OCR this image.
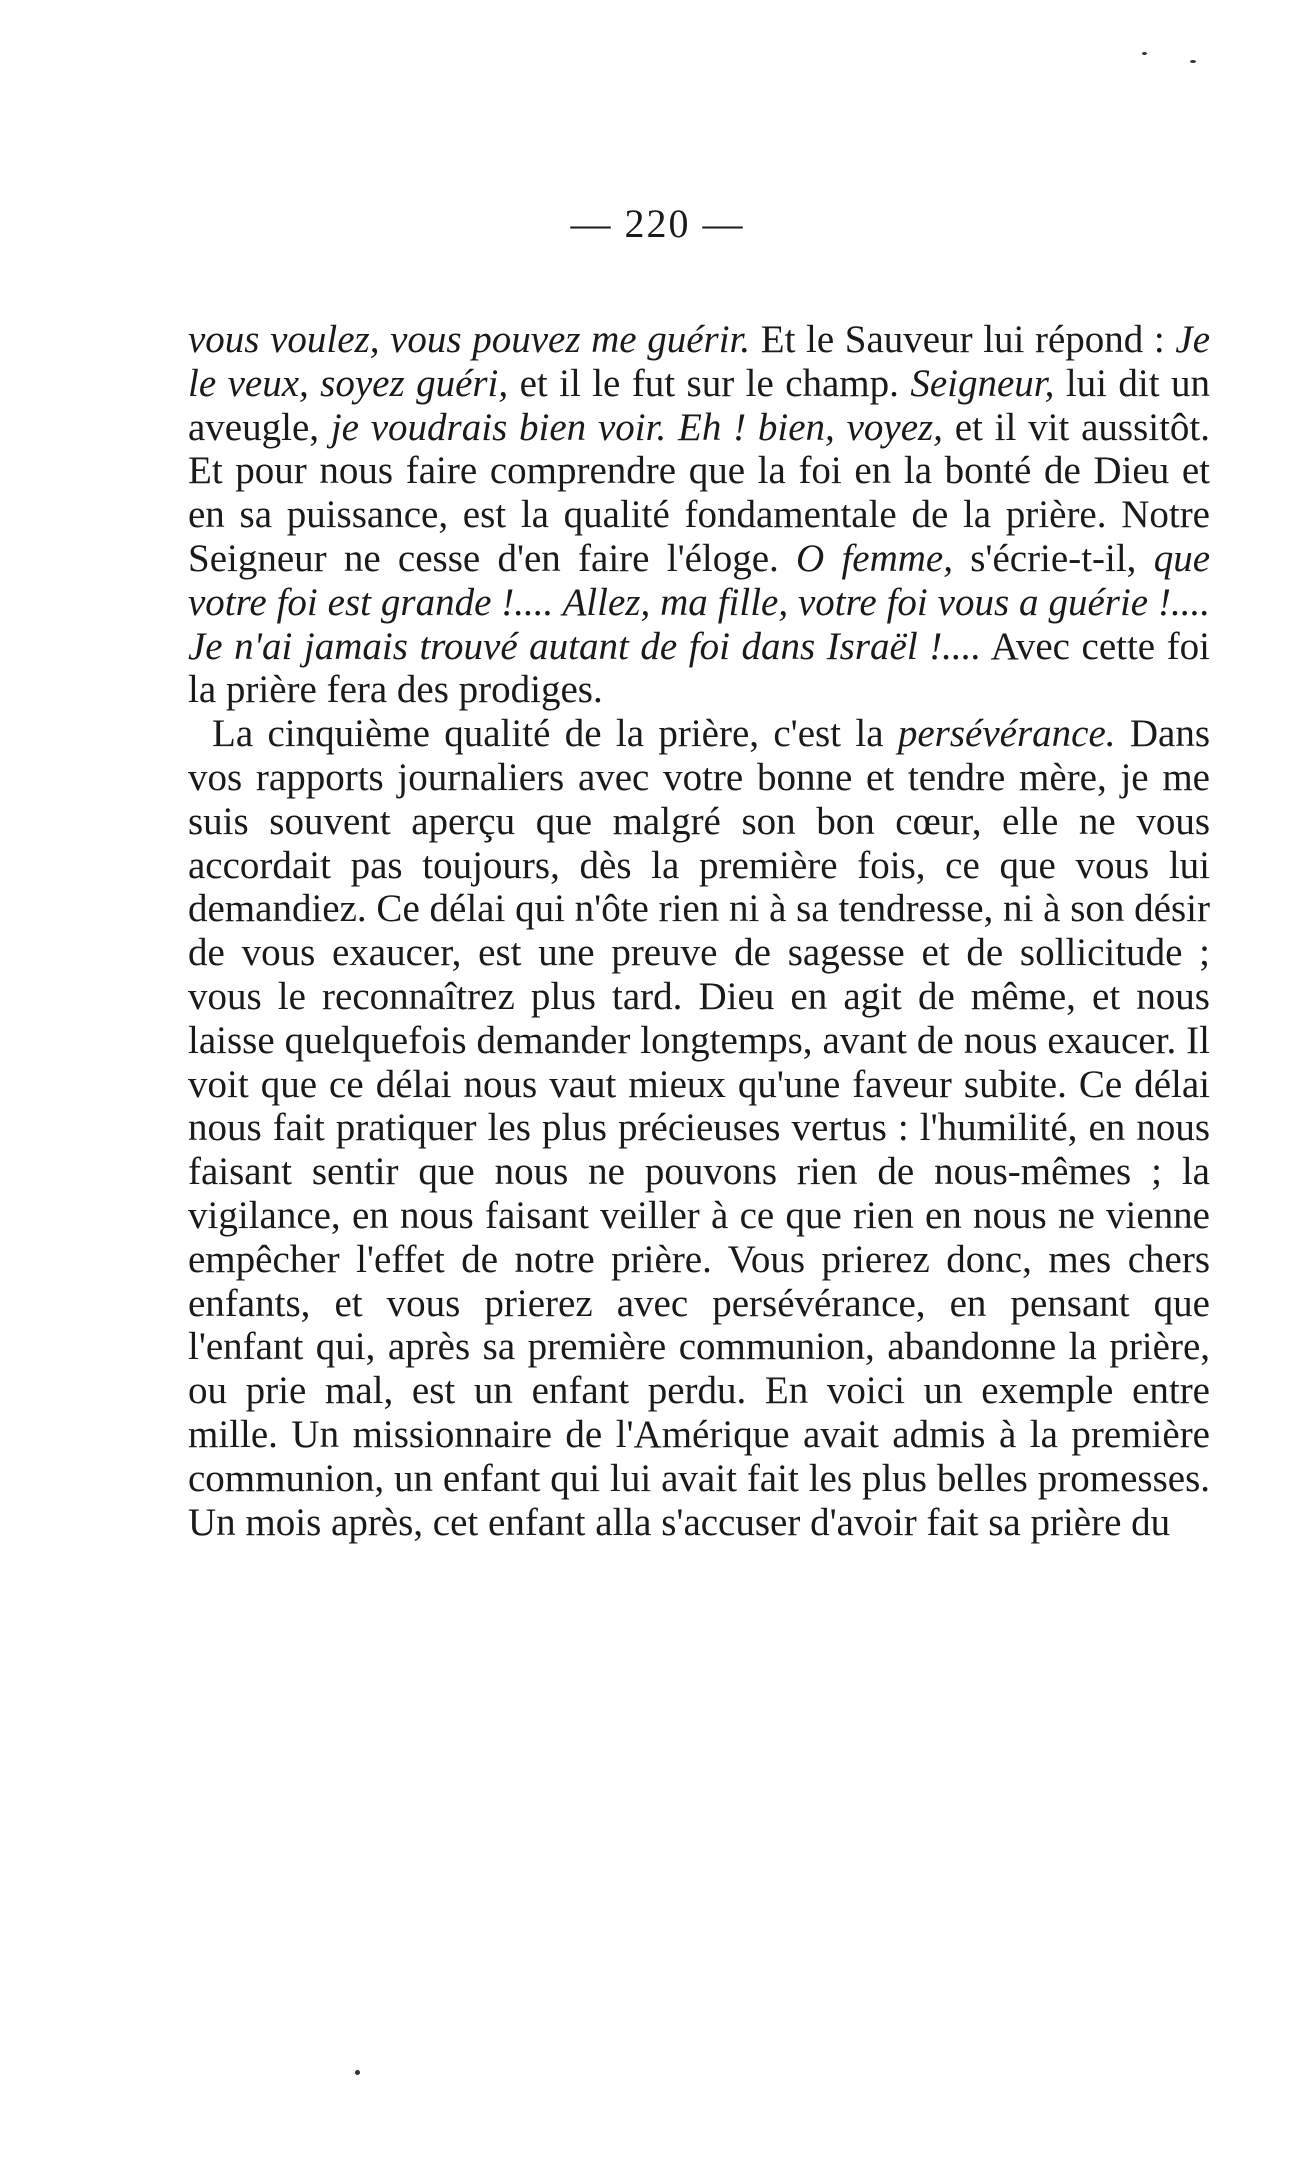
— 220 —

vous voulez, vous pouvez me guérir. Et le Sauveur lui répond : Je le veux, soyez guéri, et il le fut sur le champ. Seigneur, lui dit un aveugle, je voudrais bien voir. Eh ! bien, voyez, et il vit aussitôt. Et pour nous faire comprendre que la foi en la bonté de Dieu et en sa puissance, est la qualité fondamentale de la prière. Notre Seigneur ne cesse d'en faire l'éloge. O femme, s'écrie-t-il, que votre foi est grande !.... Allez, ma fille, votre foi vous a guérie !.... Je n'ai jamais trouvé autant de foi dans Israël !.... Avec cette foi la prière fera des prodiges.

La cinquième qualité de la prière, c'est la persévérance. Dans vos rapports journaliers avec votre bonne et tendre mère, je me suis souvent aperçu que malgré son bon cœur, elle ne vous accordait pas toujours, dès la première fois, ce que vous lui demandiez. Ce délai qui n'ôte rien ni à sa tendresse, ni à son désir de vous exaucer, est une preuve de sagesse et de sollicitude ; vous le reconnaîtrez plus tard. Dieu en agit de même, et nous laisse quelquefois demander longtemps, avant de nous exaucer. Il voit que ce délai nous vaut mieux qu'une faveur subite. Ce délai nous fait pratiquer les plus précieuses vertus : l'humilité, en nous faisant sentir que nous ne pouvons rien de nous-mêmes ; la vigilance, en nous faisant veiller à ce que rien en nous ne vienne empêcher l'effet de notre prière. Vous prierez donc, mes chers enfants, et vous prierez avec persévérance, en pensant que l'enfant qui, après sa première communion, abandonne la prière, ou prie mal, est un enfant perdu. En voici un exemple entre mille. Un missionnaire de l'Amérique avait admis à la première communion, un enfant qui lui avait fait les plus belles promesses. Un mois après, cet enfant alla s'accuser d'avoir fait sa prière du
